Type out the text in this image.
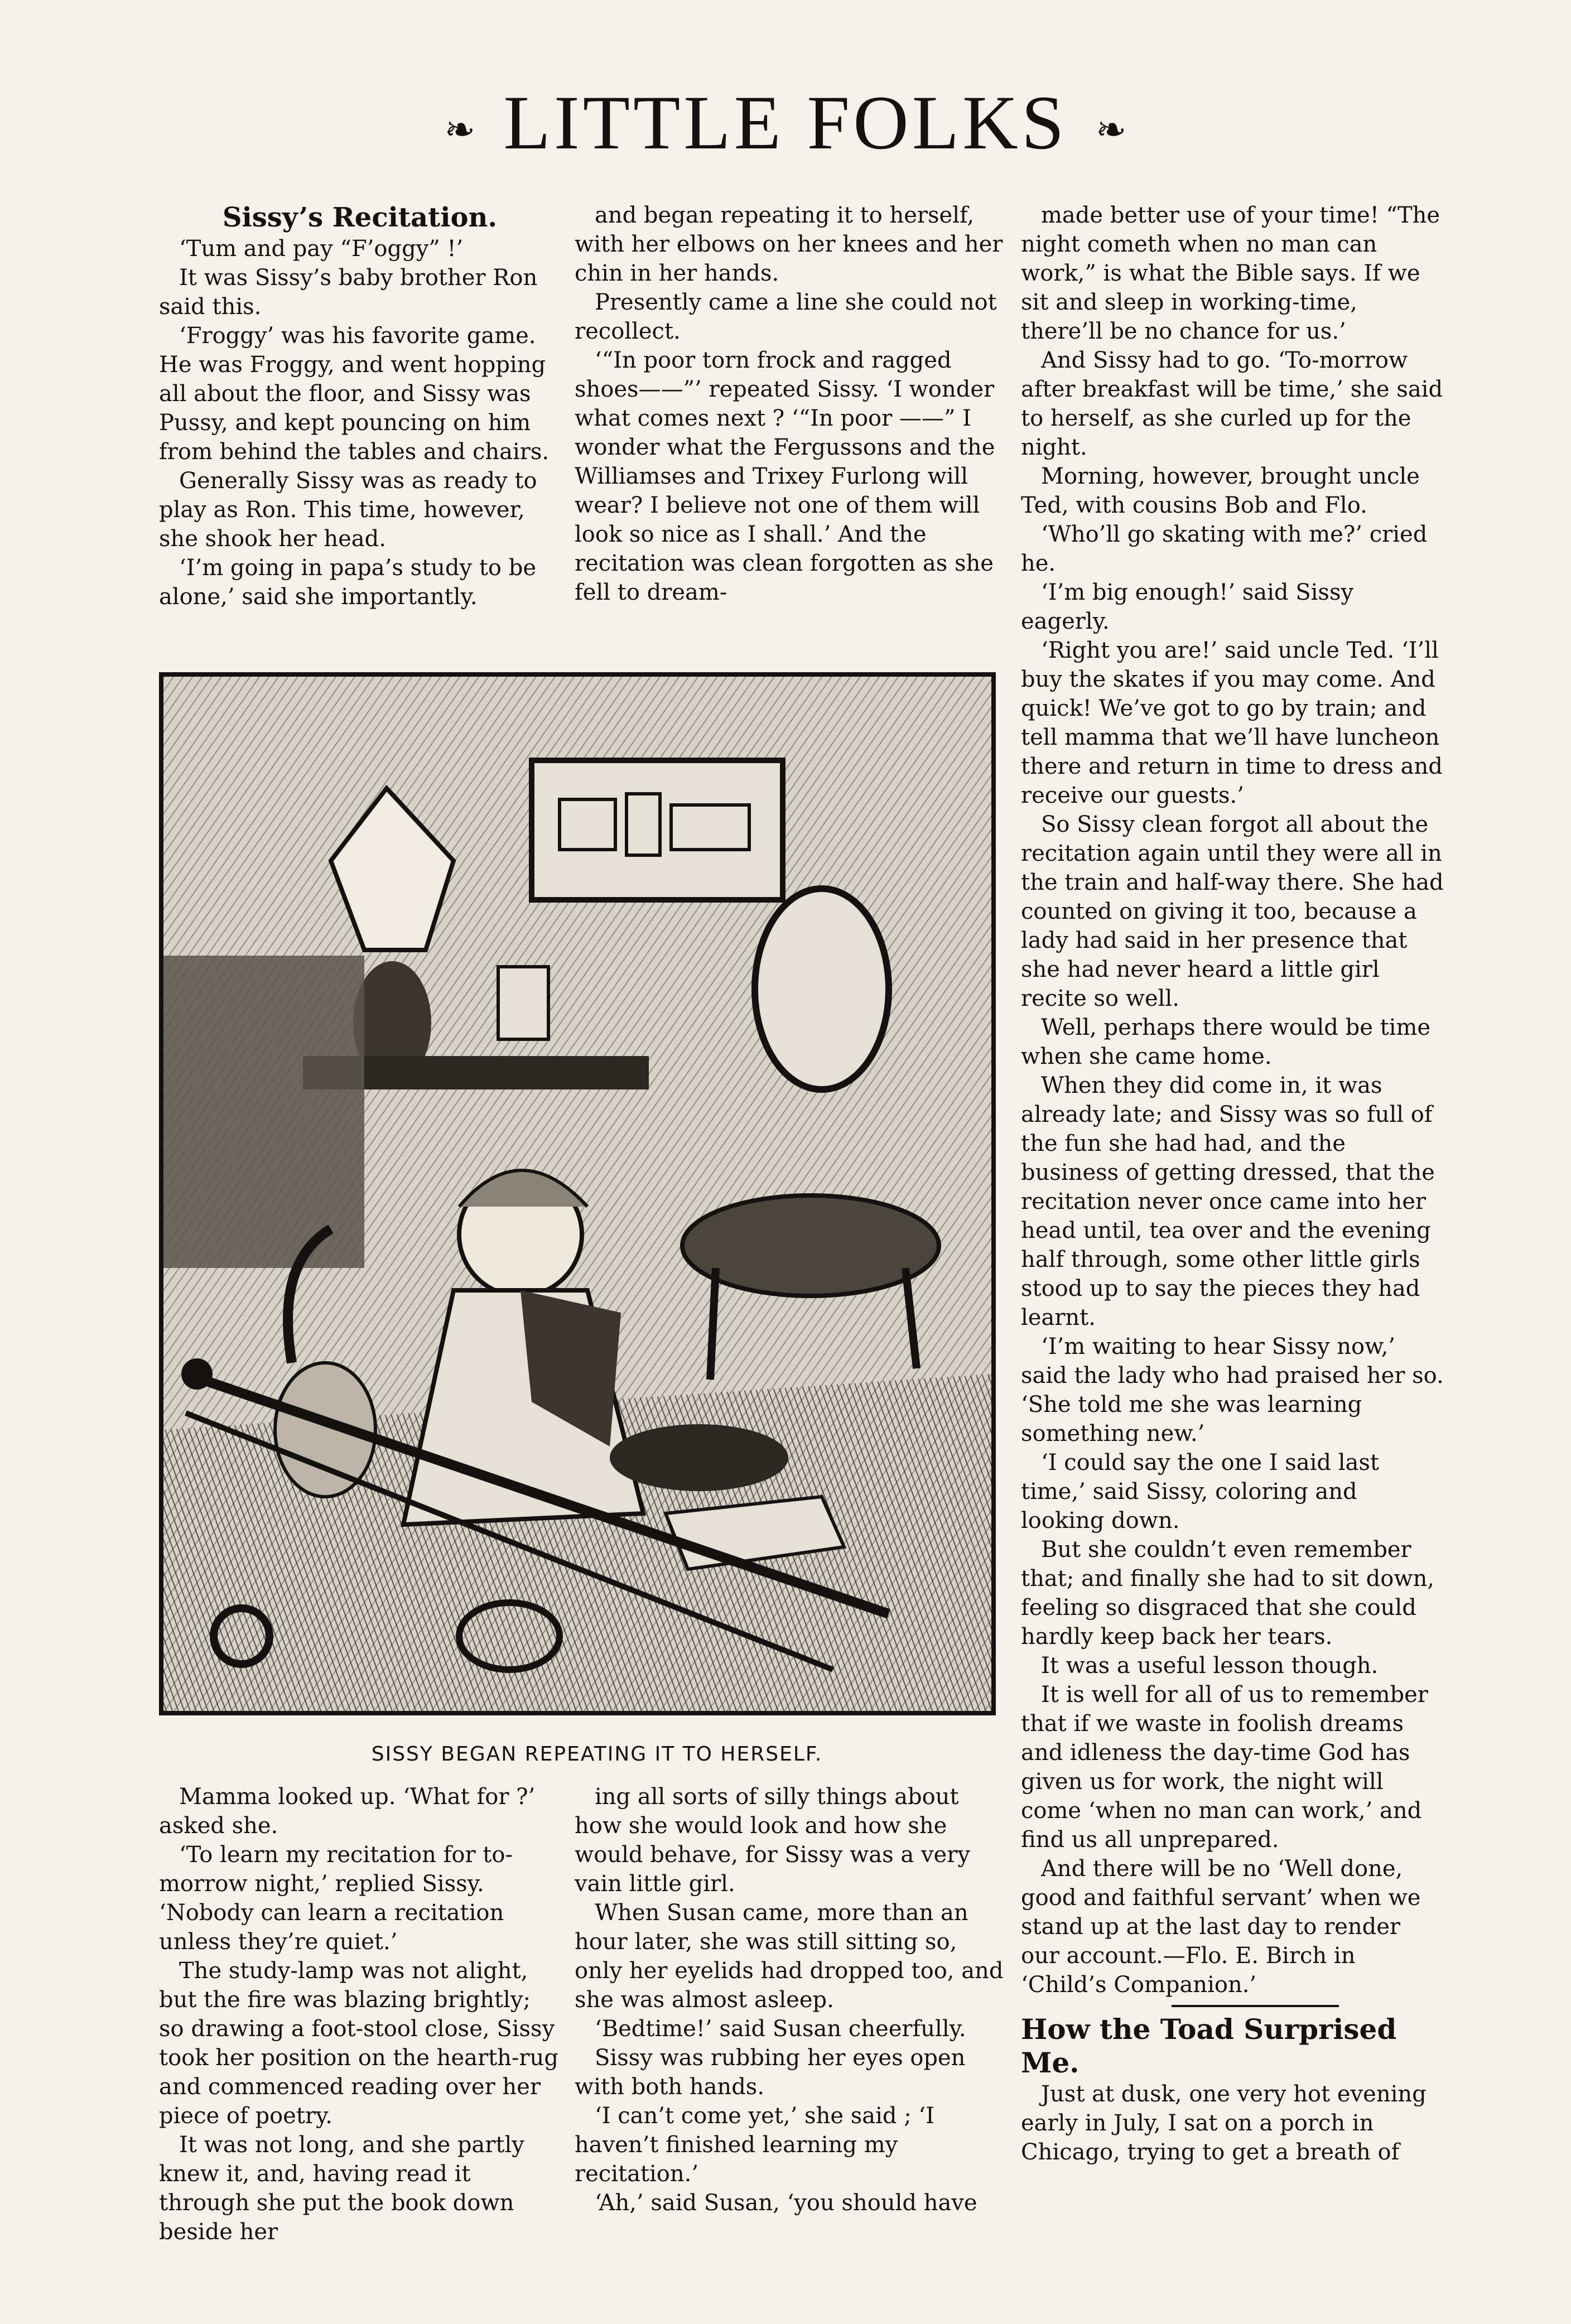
❧ LITTLE FOLKS ❧

Sissy’s Recitation.

‘Tum and pay “F’oggy” !’

It was Sissy’s baby brother Ron said this.

‘Froggy’ was his favorite game. He was Froggy, and went hopping all about the floor, and Sissy was Pussy, and kept pouncing on him from behind the tables and chairs.

Generally Sissy was as ready to play as Ron. This time, however, she shook her head.

‘I’m going in papa’s study to be alone,’ said she importantly.

and began repeating it to herself, with her elbows on her knees and her chin in her hands.

Presently came a line she could not recollect.

‘“In poor torn frock and ragged shoes——”’ repeated Sissy. ‘I wonder what comes next ? ‘“In poor ——” I wonder what the Fergussons and the Williamses and Trixey Furlong will wear? I believe not one of them will look so nice as I shall.’ And the recitation was clean forgotten as she fell to dream-

made better use of your time! “The night cometh when no man can work,” is what the Bible says. If we sit and sleep in working-time, there’ll be no chance for us.’

And Sissy had to go. ‘To-morrow after breakfast will be time,’ she said to herself, as she curled up for the night.

Morning, however, brought uncle Ted, with cousins Bob and Flo.

‘Who’ll go skating with me?’ cried he.

‘I’m big enough!’ said Sissy eagerly.

‘Right you are!’ said uncle Ted. ‘I’ll buy the skates if you may come. And quick! We’ve got to go by train; and tell mamma that we’ll have luncheon there and return in time to dress and receive our guests.’

So Sissy clean forgot all about the recitation again until they were all in the train and half-way there. She had counted on giving it too, because a lady had said in her presence that she had never heard a little girl recite so well.

Well, perhaps there would be time when she came home.

When they did come in, it was already late; and Sissy was so full of the fun she had had, and the business of getting dressed, that the recitation never once came into her head until, tea over and the evening half through, some other little girls stood up to say the pieces they had learnt.

‘I’m waiting to hear Sissy now,’ said the lady who had praised her so. ‘She told me she was learning something new.’

‘I could say the one I said last time,’ said Sissy, coloring and looking down.

But she couldn’t even remember that; and finally she had to sit down, feeling so disgraced that she could hardly keep back her tears.

It was a useful lesson though.

It is well for all of us to remember that if we waste in foolish dreams and idleness the day-time God has given us for work, the night will come ‘when no man can work,’ and find us all unprepared.

And there will be no ‘Well done, good and faithful servant’ when we stand up at the last day to render our account.—Flo. E. Birch in ‘Child’s Companion.’

How the Toad Surprised Me.

Just at dusk, one very hot evening early in July, I sat on a porch in Chicago, trying to get a breath of

SISSY BEGAN REPEATING IT TO HERSELF.

Mamma looked up. ‘What for ?’ asked she.

‘To learn my recitation for to-morrow night,’ replied Sissy. ‘Nobody can learn a recitation unless they’re quiet.’

The study-lamp was not alight, but the fire was blazing brightly; so drawing a foot-stool close, Sissy took her position on the hearth-rug and commenced reading over her piece of poetry.

It was not long, and she partly knew it, and, having read it through she put the book down beside her

ing all sorts of silly things about how she would look and how she would behave, for Sissy was a very vain little girl.

When Susan came, more than an hour later, she was still sitting so, only her eyelids had dropped too, and she was almost asleep.

‘Bedtime!’ said Susan cheerfully.

Sissy was rubbing her eyes open with both hands.

‘I can’t come yet,’ she said ; ‘I haven’t finished learning my recitation.’

‘Ah,’ said Susan, ‘you should have
